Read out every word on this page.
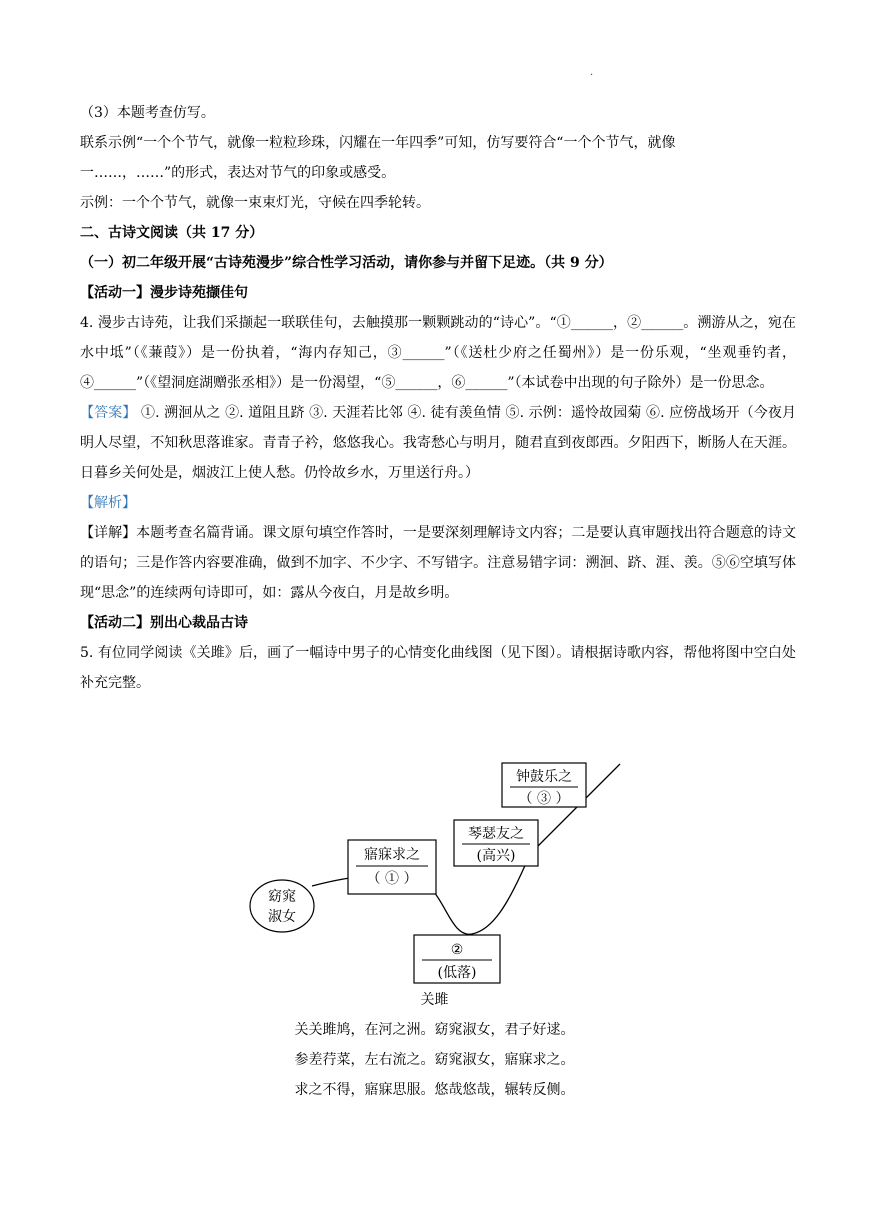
·

（3）本题考查仿写。

联系示例“一个个节气，就像一粒粒珍珠，闪耀在一年四季”可知，仿写要符合“一个个节气，就像

一……，……”的形式，表达对节气的印象或感受。

示例：一个个节气，就像一束束灯光，守候在四季轮转。

二、古诗文阅读（共 17 分）

（一）初二年级开展“古诗苑漫步”综合性学习活动，请你参与并留下足迹。（共 9 分）

【活动一】漫步诗苑撷佳句

4. 漫步古诗苑，让我们采撷起一联联佳句，去触摸那一颗颗跳动的“诗心”。“①______，②______。溯游从之，宛在水中坻”（《蒹葭》）是一份执着，“海内存知己，③______”（《送杜少府之任蜀州》）是一份乐观，“坐观垂钓者，④______”（《望洞庭湖赠张丞相》）是一份渴望，“⑤______，⑥______”（本试卷中出现的句子除外）是一份思念。

【答案】 ①. 溯洄从之 ②. 道阻且跻 ③. 天涯若比邻 ④. 徒有羡鱼情 ⑤. 示例：遥怜故园菊 ⑥. 应傍战场开（今夜月明人尽望，不知秋思落谁家。青青子衿，悠悠我心。我寄愁心与明月，随君直到夜郎西。夕阳西下，断肠人在天涯。日暮乡关何处是，烟波江上使人愁。仍怜故乡水，万里送行舟。）

【解析】

【详解】本题考查名篇背诵。课文原句填空作答时，一是要深刻理解诗文内容；二是要认真审题找出符合题意的诗文的语句；三是作答内容要准确，做到不加字、不少字、不写错字。注意易错字词：溯洄、跻、涯、羡。⑤⑥空填写体现“思念”的连续两句诗即可，如：露从今夜白，月是故乡明。

【活动二】别出心裁品古诗

5. 有位同学阅读《关雎》后，画了一幅诗中男子的心情变化曲线图（见下图）。请根据诗歌内容，帮他将图中空白处补充完整。

窈窕
淑女
寤寐求之
（ ① ）
②
(低落)
琴瑟友之
(高兴)
钟鼓乐之
（ ③ ）
关雎
关关雎鸠，在河之洲。窈窕淑女，君子好逑。
参差荇菜，左右流之。窈窕淑女，寤寐求之。
求之不得，寤寐思服。悠哉悠哉，辗转反侧。
